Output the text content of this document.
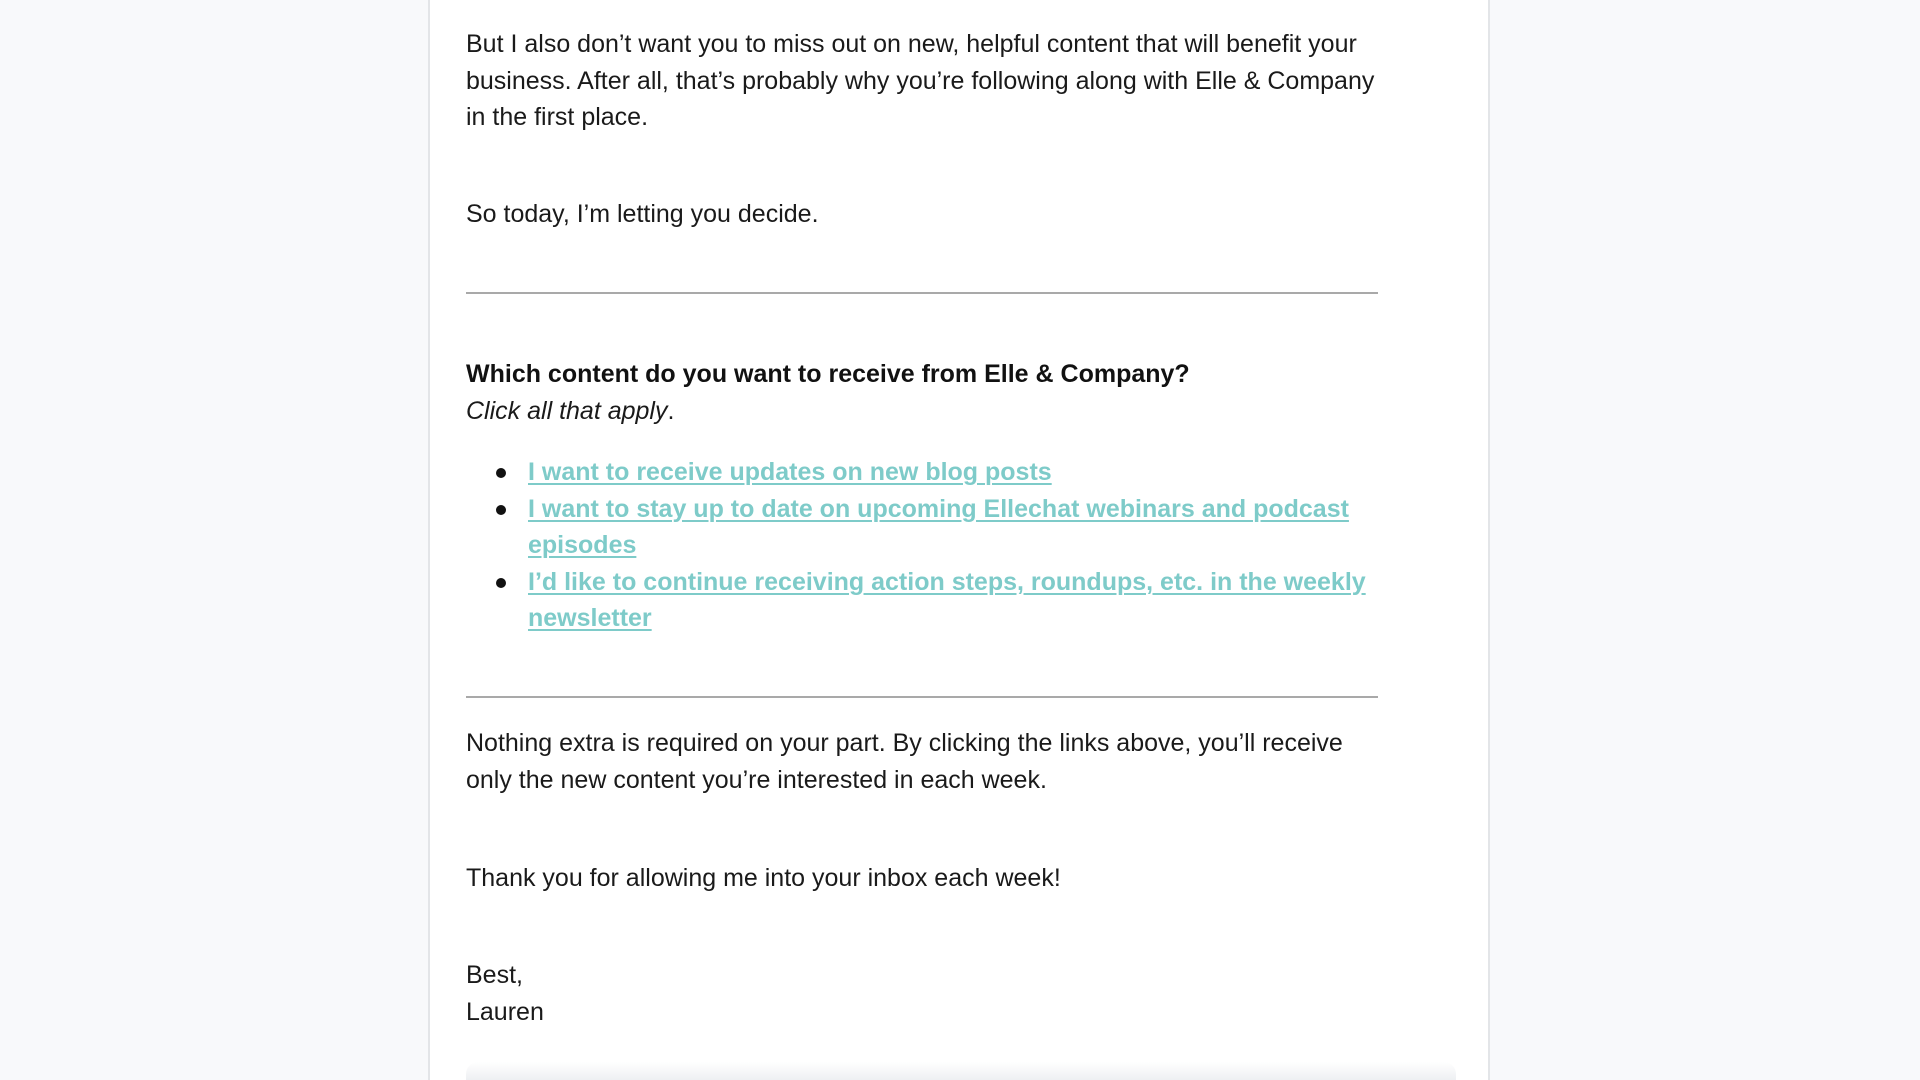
But I also don’t want you to miss out on new, helpful content that will benefit your business. After all, that’s probably why you’re following along with Elle & Company in the first place.

So today, I’m letting you decide.

Which content do you want to receive from Elle & Company?

Click all that apply.

I want to receive updates on new blog posts
I want to stay up to date on upcoming Ellechat webinars and podcast episodes
I’d like to continue receiving action steps, roundups, etc. in the weekly newsletter

Nothing extra is required on your part. By clicking the links above, you’ll receive only the new content you’re interested in each week.

Thank you for allowing me into your inbox each week!

Best,
Lauren
